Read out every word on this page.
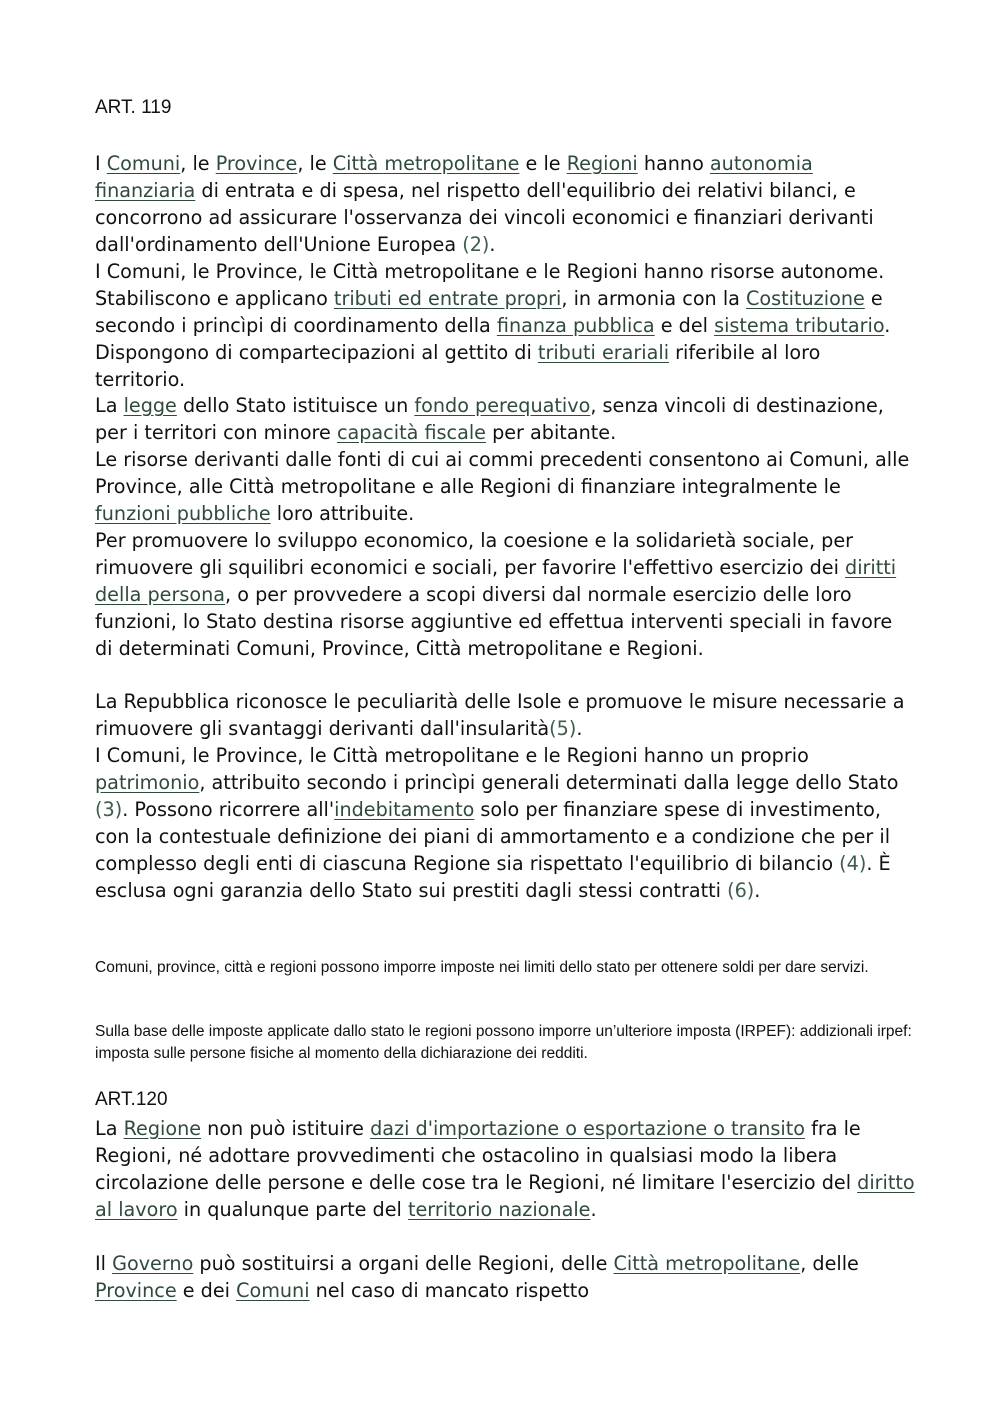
ART. 119

I Comuni, le Province, le Città metropolitane e le Regioni hanno autonomia finanziaria di entrata e di spesa, nel rispetto dell'equilibrio dei relativi bilanci, e concorrono ad assicurare l'osservanza dei vincoli economici e finanziari derivanti dall'ordinamento dell'Unione Europea (2).

I Comuni, le Province, le Città metropolitane e le Regioni hanno risorse autonome. Stabiliscono e applicano tributi ed entrate propri, in armonia con la Costituzione e secondo i princìpi di coordinamento della finanza pubblica e del sistema tributario. Dispongono di compartecipazioni al gettito di tributi erariali riferibile al loro territorio.

La legge dello Stato istituisce un fondo perequativo, senza vincoli di destinazione, per i territori con minore capacità fiscale per abitante.

Le risorse derivanti dalle fonti di cui ai commi precedenti consentono ai Comuni, alle Province, alle Città metropolitane e alle Regioni di finanziare integralmente le funzioni pubbliche loro attribuite.

Per promuovere lo sviluppo economico, la coesione e la solidarietà sociale, per rimuovere gli squilibri economici e sociali, per favorire l'effettivo esercizio dei diritti della persona, o per provvedere a scopi diversi dal normale esercizio delle loro funzioni, lo Stato destina risorse aggiuntive ed effettua interventi speciali in favore di determinati Comuni, Province, Città metropolitane e Regioni.

La Repubblica riconosce le peculiarità delle Isole e promuove le misure necessarie a rimuovere gli svantaggi derivanti dall'insularità(5).

I Comuni, le Province, le Città metropolitane e le Regioni hanno un proprio patrimonio, attribuito secondo i princìpi generali determinati dalla legge dello Stato (3). Possono ricorrere all'indebitamento solo per finanziare spese di investimento, con la contestuale definizione dei piani di ammortamento e a condizione che per il complesso degli enti di ciascuna Regione sia rispettato l'equilibrio di bilancio (4). È esclusa ogni garanzia dello Stato sui prestiti dagli stessi contratti (6).

Comuni, province, città e regioni possono imporre imposte nei limiti dello stato per ottenere soldi per dare servizi.

Sulla base delle imposte applicate dallo stato le regioni possono imporre un’ulteriore imposta (IRPEF): addizionali irpef: imposta sulle persone fisiche al momento della dichiarazione dei redditi.

ART.120

La Regione non può istituire dazi d'importazione o esportazione o transito fra le Regioni, né adottare provvedimenti che ostacolino in qualsiasi modo la libera circolazione delle persone e delle cose tra le Regioni, né limitare l'esercizio del diritto al lavoro in qualunque parte del territorio nazionale.

Il Governo può sostituirsi a organi delle Regioni, delle Città metropolitane, delle Province e dei Comuni nel caso di mancato rispetto
